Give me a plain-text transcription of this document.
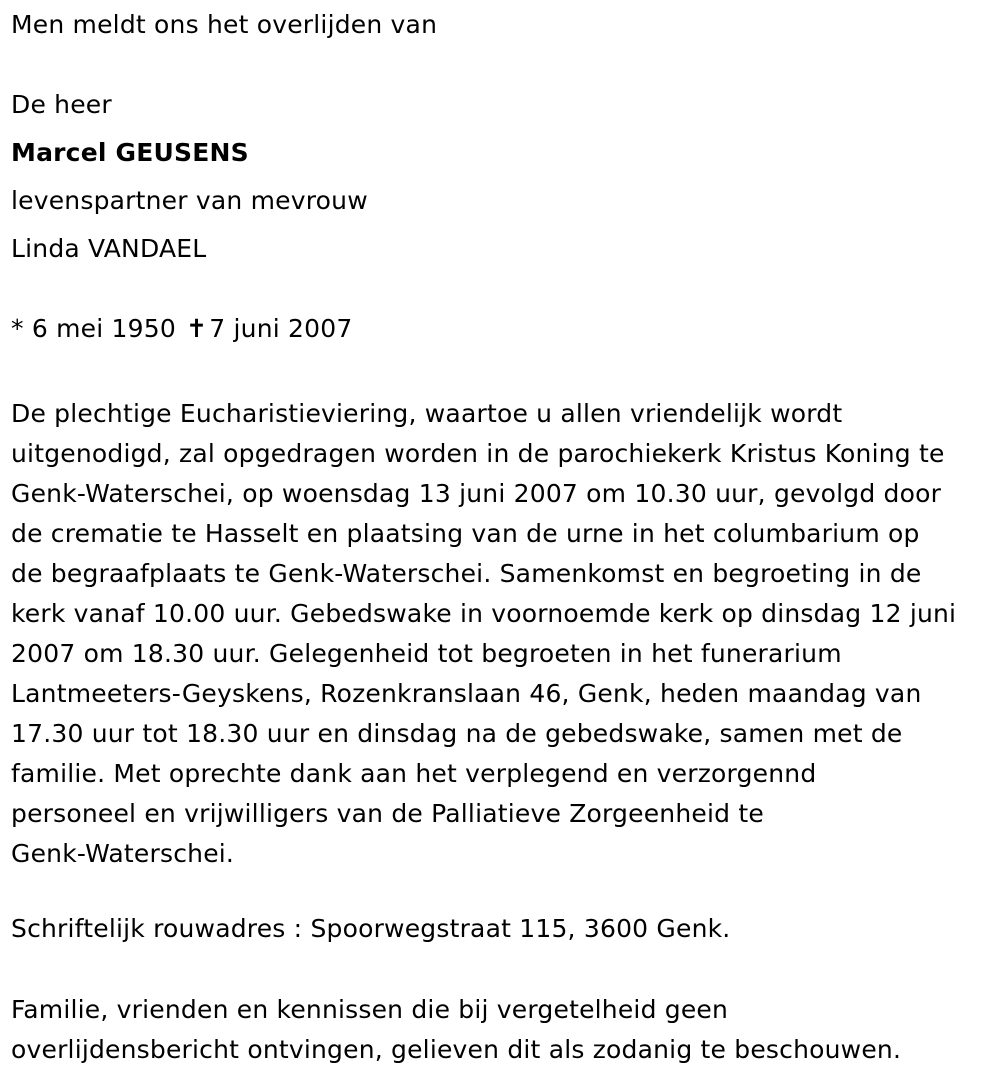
Men meldt ons het overlijden van
De heer
Marcel GEUSENS
levenspartner van mevrouw
Linda VANDAEL
* 6 mei 1950 ✝7 juni 2007
De plechtige Eucharistieviering, waartoe u allen vriendelijk wordt
uitgenodigd, zal opgedragen worden in de parochiekerk Kristus Koning te
Genk-Waterschei, op woensdag 13 juni 2007 om 10.30 uur, gevolgd door
de crematie te Hasselt en plaatsing van de urne in het columbarium op
de begraafplaats te Genk-Waterschei. Samenkomst en begroeting in de
kerk vanaf 10.00 uur. Gebedswake in voornoemde kerk op dinsdag 12 juni
2007 om 18.30 uur. Gelegenheid tot begroeten in het funerarium
Lantmeeters-Geyskens, Rozenkranslaan 46, Genk, heden maandag van
17.30 uur tot 18.30 uur en dinsdag na de gebedswake, samen met de
familie. Met oprechte dank aan het verplegend en verzorgennd
personeel en vrijwilligers van de Palliatieve Zorgeenheid te
Genk-Waterschei.
Schriftelijk rouwadres : Spoorwegstraat 115, 3600 Genk.
Familie, vrienden en kennissen die bij vergetelheid geen
overlijdensbericht ontvingen, gelieven dit als zodanig te beschouwen.
